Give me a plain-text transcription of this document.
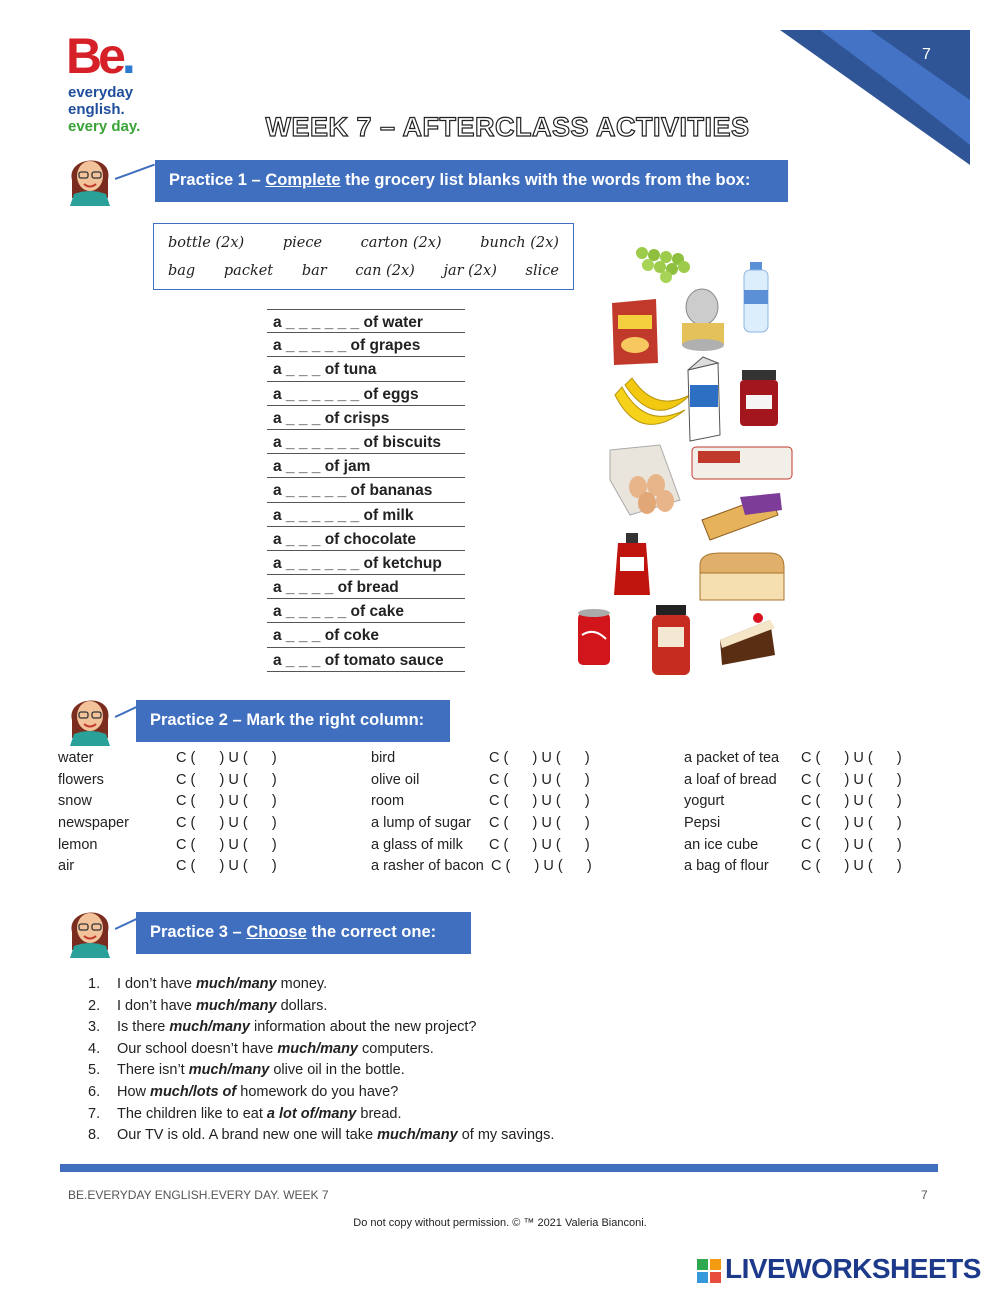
Be.
everyday
english.
every day.
7
WEEK 7 – AFTERCLASS ACTIVITIES
Practice 1 – Complete the grocery list blanks with the words from the box:
bottle (2x)	piece	carton (2x)	bunch (2x)
bag packet bar can (2x) jar (2x) slice
a _ _ _ _ _ _ of water
a _ _ _ _ _ of grapes
a _ _ _ of tuna
a _ _ _ _ _ _ of eggs
a _ _ _ of crisps
a _ _ _ _ _ _ of biscuits
a _ _ _ of jam
a _ _ _ _ _ of bananas
a _ _ _ _ _ _ of milk
a _ _ _ of chocolate
a _ _ _ _ _ _ of ketchup
a _ _ _ _ of bread
a _ _ _ _ _ of cake
a _ _ _ of coke
a _ _ _ of tomato sauce
Practice 2 – Mark the right column:
water	C (      ) U (      )
flowers	C (      ) U (      )
snow	C (      ) U (      )
newspaper	C (      ) U (      )
lemon	C (      ) U (      )
air	C (      ) U (      )
bird	C (      ) U (      )
olive oil	C (      ) U (      )
room	C (      ) U (      )
a lump of sugar C (      ) U (      )
a glass of milk C (      ) U (      )
a rasher of bacon C (      ) U (      )
a packet of tea C (      ) U (      )
a loaf of bread C (      ) U (      )
yogurt	C (      ) U (      )
Pepsi	C (      ) U (      )
an ice cube	C (      ) U (      )
a bag of flour C (      ) U (      )
Practice 3 – Choose the correct one:
1. I don’t have much/many money.
2. I don’t have much/many dollars.
3. Is there much/many information about the new project?
4. Our school doesn’t have much/many computers.
5. There isn’t much/many olive oil in the bottle.
6. How much/lots of homework do you have?
7. The children like to eat a lot of/many bread.
8. Our TV is old. A brand new one will take much/many of my savings.
BE.EVERYDAY ENGLISH.EVERY DAY. WEEK 7	7
Do not copy without permission. © ™ 2021 Valeria Bianconi.
LIVEWORKSHEETS
